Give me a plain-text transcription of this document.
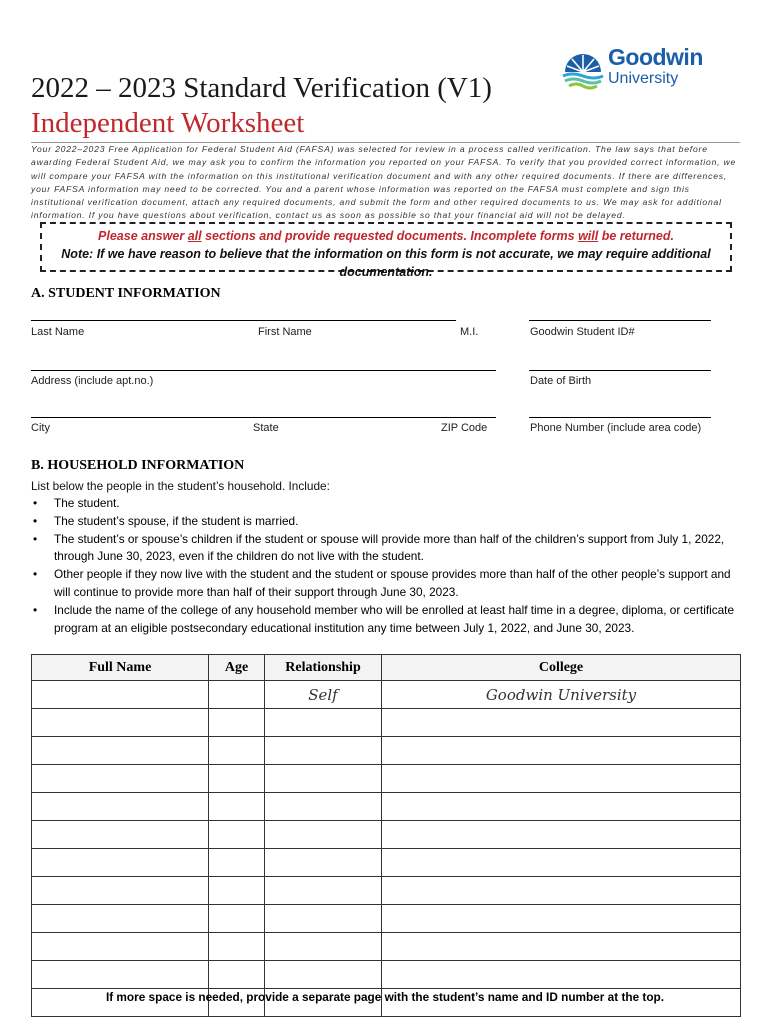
2022 – 2023 Standard Verification (V1)
Independent Worksheet
Goodwin
University
Your 2022–2023 Free Application for Federal Student Aid (FAFSA) was selected for review in a process called verification. The law says that before awarding Federal Student Aid, we may ask you to confirm the information you reported on your FAFSA. To verify that you provided correct information, we will compare your FAFSA with the information on this institutional verification document and with any other required documents. If there are differences, your FAFSA information may need to be corrected. You and a parent whose information was reported on the FAFSA must complete and sign this institutional verification document, attach any required documents, and submit the form and other required documents to us. We may ask for additional information. If you have questions about verification, contact us as soon as possible so that your financial aid will not be delayed.
Please answer all sections and provide requested documents. Incomplete forms will be returned.
Note: If we have reason to believe that the information on this form is not accurate, we may require additional documentation.
A. STUDENT INFORMATION
Last Name	First Name	M.I.	Goodwin Student ID#
Address (include apt.no.)	Date of Birth
City	State	ZIP Code	Phone Number (include area code)
B. HOUSEHOLD INFORMATION
List below the people in the student’s household. Include:
• The student.
• The student’s spouse, if the student is married.
• The student’s or spouse’s children if the student or spouse will provide more than half of the children’s support from July 1, 2022, through June 30, 2023, even if the children do not live with the student.
• Other people if they now live with the student and the student or spouse provides more than half of the other people’s support and will continue to provide more than half of their support through June 30, 2023.
• Include the name of the college of any household member who will be enrolled at least half time in a degree, diploma, or certificate program at an eligible postsecondary educational institution any time between July 1, 2022, and June 30, 2023.
Full Name	Age	Relationship	College
		Self	Goodwin University

If more space is needed, provide a separate page with the student’s name and ID number at the top.
